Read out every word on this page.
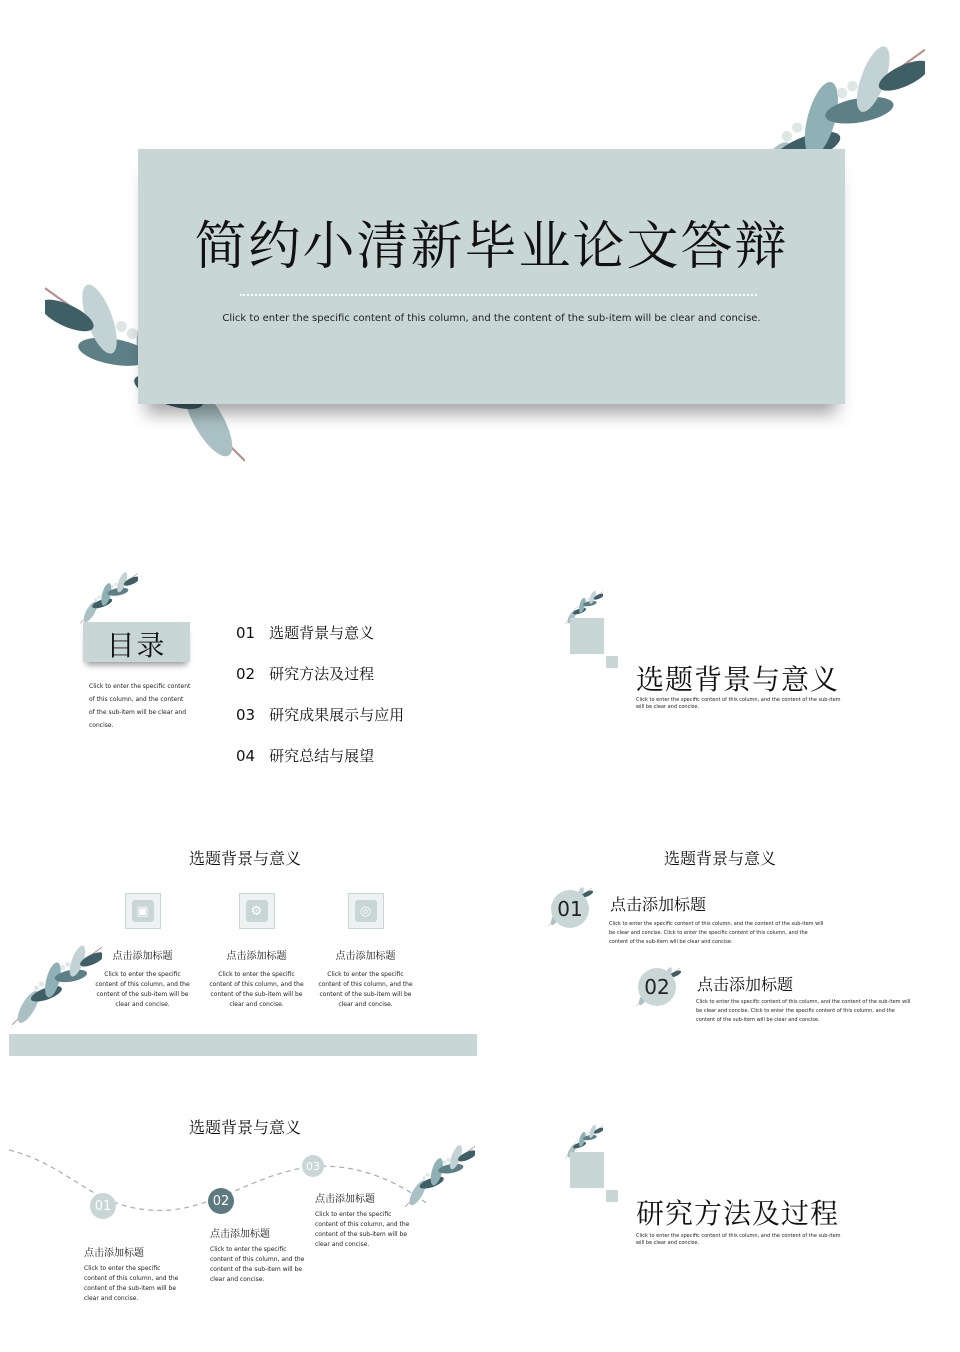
简约小清新毕业论文答辩
Click to enter the specific content of this column, and the content of the sub-item will be clear and concise.
目录
Click to enter the specific content
of this column, and the content
of the sub-item will be clear and
concise.
01 选题背景与意义
02 研究方法及过程
03 研究成果展示与应用
04 研究总结与展望
选题背景与意义
Click to enter the specific content of this column, and the content of the sub-item
will be clear and concise.
选题背景与意义
▣
点击添加标题
Click to enter the specific
content of this column, and the
content of the sub-item will be
clear and concise.
⚙
点击添加标题
Click to enter the specific
content of this column, and the
content of the sub-item will be
clear and concise.
◎
点击添加标题
Click to enter the specific
content of this column, and the
content of the sub-item will be
clear and concise.
选题背景与意义
01	点击添加标题
Click to enter the specific content of this column, and the content of the sub-item will
be clear and concise. Click to enter the specific content of this column, and the
content of the sub-item will be clear and concise.
02	点击添加标题
Click to enter the specific content of this column, and the content of the sub-item will
be clear and concise. Click to enter the specific content of this column, and the
content of the sub-item will be clear and concise.
选题背景与意义
01	02
03
点击添加标题
Click to enter the specific
content of this column, and the
content of the sub-item will be
clear and concise.
点击添加标题
Click to enter the specific
content of this column, and the
content of the sub-item will be
clear and concise.
点击添加标题
Click to enter the specific
content of this column, and the
content of the sub-item will be
clear and concise.
研究方法及过程
Click to enter the specific content of this column, and the content of the sub-item
will be clear and concise.
